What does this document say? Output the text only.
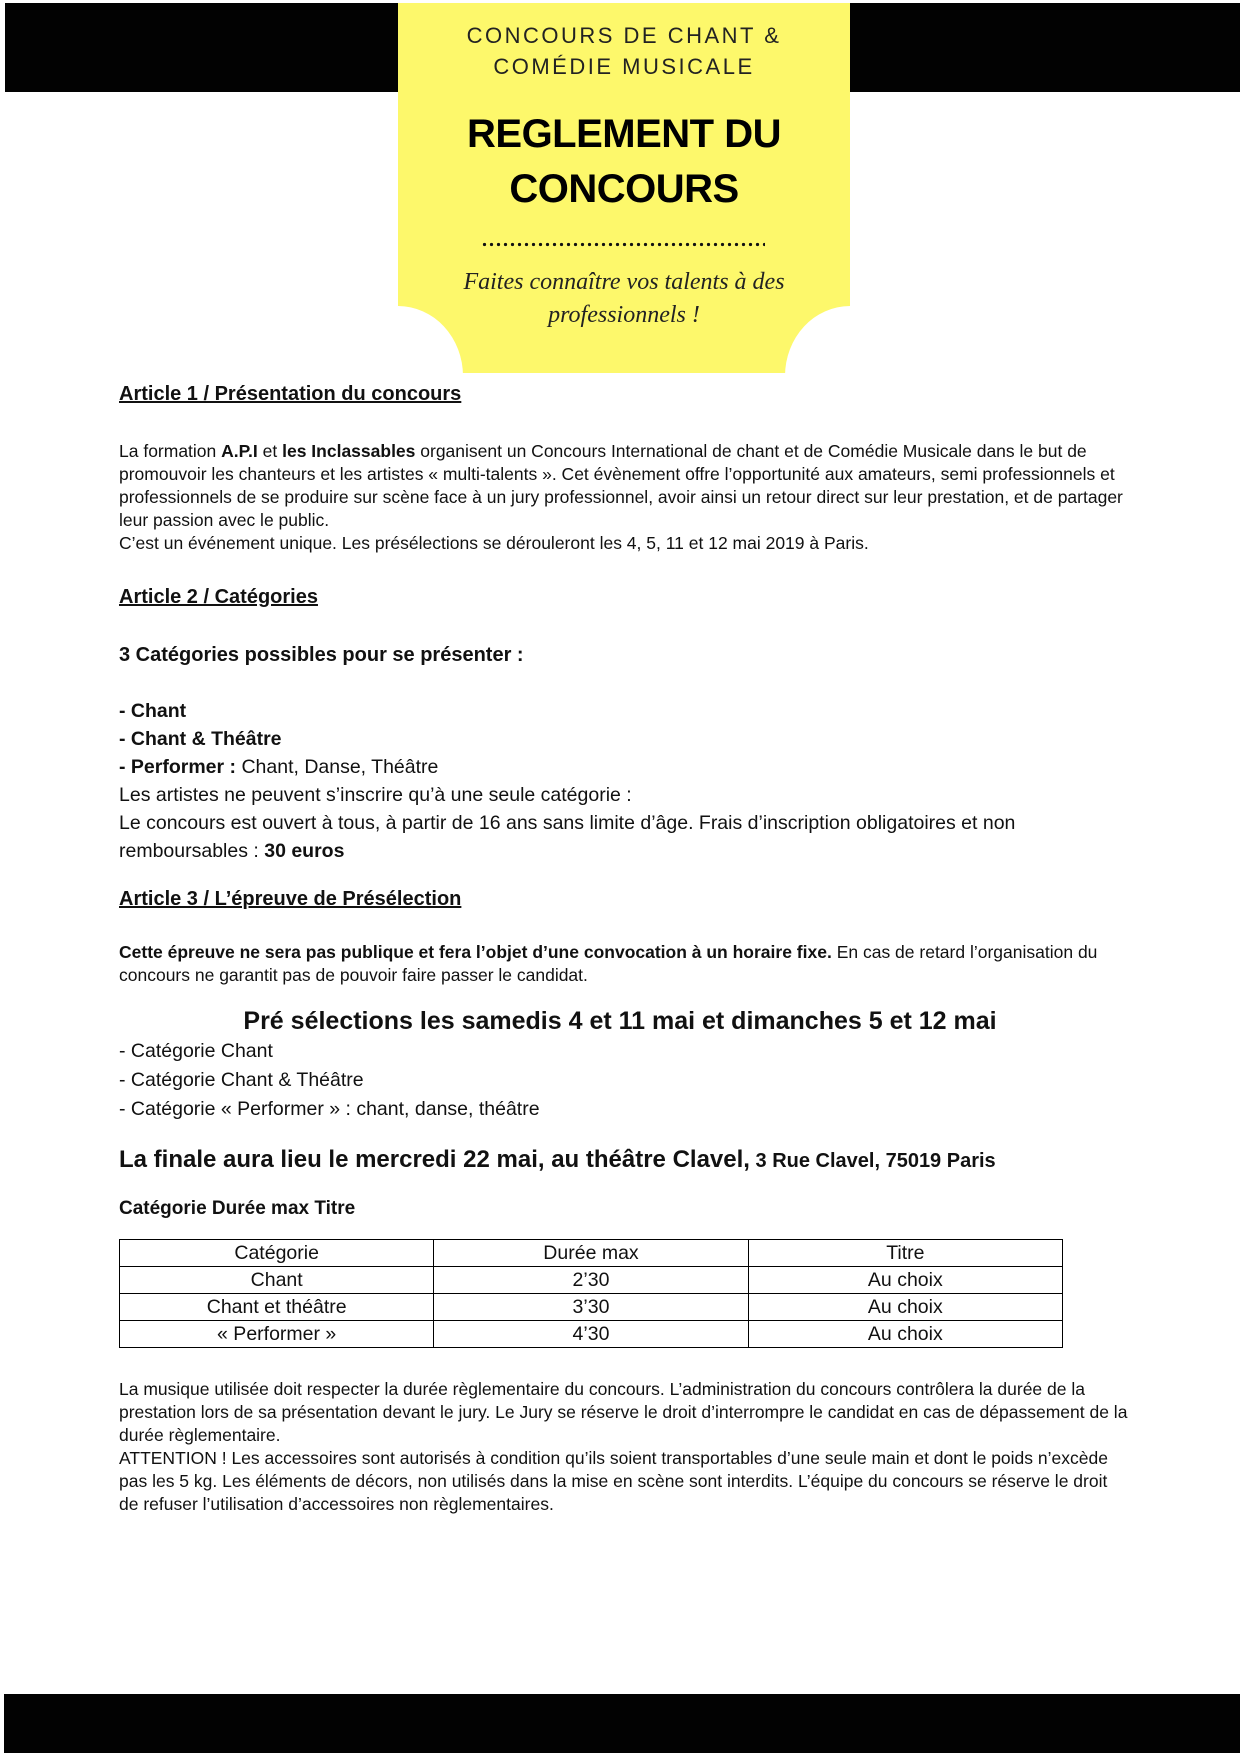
CONCOURS DE CHANT &
COMÉDIE MUSICALE
REGLEMENT DU
CONCOURS
Faites connaître vos talents à des
professionnels !
Article 1 / Présentation du concours

La formation A.P.I et les Inclassables organisent un Concours International de chant et de Comédie Musicale dans le but de promouvoir les chanteurs et les artistes « multi-talents ». Cet évènement offre l’opportunité aux amateurs, semi professionnels et professionnels de se produire sur scène face à un jury professionnel, avoir ainsi un retour direct sur leur prestation, et de partager leur passion avec le public.

C’est un événement unique. Les présélections se dérouleront les 4, 5, 11 et 12 mai 2019 à Paris.

Article 2 / Catégories

3 Catégories possibles pour se présenter :

- Chant
- Chant & Théâtre
- Performer : Chant, Danse, Théâtre
Les artistes ne peuvent s’inscrire qu’à une seule catégorie :
Le concours est ouvert à tous, à partir de 16 ans sans limite d’âge. Frais d’inscription obligatoires et non remboursables : 30 euros
Article 3 / L’épreuve de Présélection

Cette épreuve ne sera pas publique et fera l’objet d’une convocation à un horaire fixe. En cas de retard l’organisation du concours ne garantit pas de pouvoir faire passer le candidat.

Pré sélections les samedis 4 et 11 mai et dimanches 5 et 12 mai
- Catégorie Chant
- Catégorie Chant & Théâtre
- Catégorie « Performer » : chant, danse, théâtre
La finale aura lieu le mercredi 22 mai, au théâtre Clavel, 3 Rue Clavel, 75019 Paris

Catégorie Durée max Titre

Catégorie	Durée max	Titre
Chant	2’30	Au choix
Chant et théâtre	3’30	Au choix
« Performer »	4’30	Au choix

La musique utilisée doit respecter la durée règlementaire du concours. L’administration du concours contrôlera la durée de la prestation lors de sa présentation devant le jury. Le Jury se réserve le droit d’interrompre le candidat en cas de dépassement de la durée règlementaire.

ATTENTION ! Les accessoires sont autorisés à condition qu’ils soient transportables d’une seule main et dont le poids n’excède pas les 5 kg. Les éléments de décors, non utilisés dans la mise en scène sont interdits. L’équipe du concours se réserve le droit de refuser l’utilisation d’accessoires non règlementaires.
